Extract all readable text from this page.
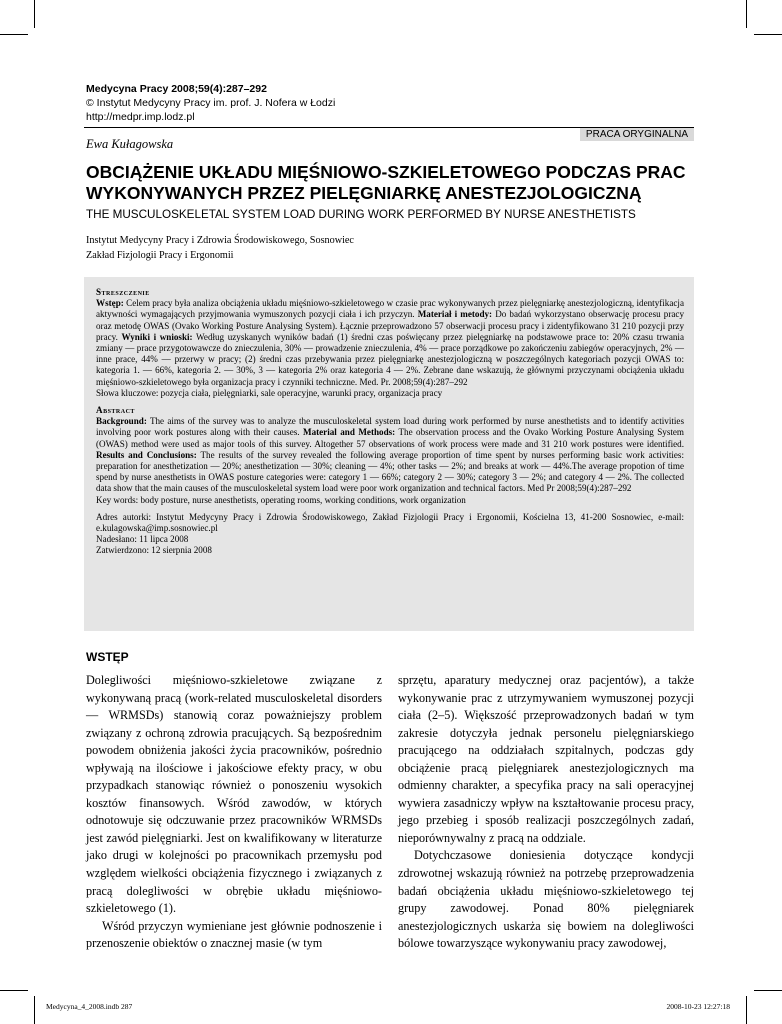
Medycyna Pracy 2008;59(4):287–292
© Instytut Medycyny Pracy im. prof. J. Nofera w Łodzi
http://medpr.imp.lodz.pl
PRACA ORYGINALNA
Ewa Kułagowska
OBCIĄŻENIE UKŁADU MIĘŚNIOWO-SZKIELETOWEGO PODCZAS PRAC WYKONYWANYCH PRZEZ PIELĘGNIARKĘ ANESTEZJOLOGICZNĄ
THE MUSCULOSKELETAL SYSTEM LOAD DURING WORK PERFORMED BY NURSE ANESTHETISTS
Instytut Medycyny Pracy i Zdrowia Środowiskowego, Sosnowiec
Zakład Fizjologii Pracy i Ergonomii
Streszczenie
Wstęp: Celem pracy była analiza obciążenia układu mięśniowo-szkieletowego w czasie prac wykonywanych przez pielęgniarkę anestezjologiczną, identyfikacja aktywności wymagających przyjmowania wymuszonych pozycji ciała i ich przyczyn. Materiał i metody: Do badań wykorzystano obserwację procesu pracy oraz metodę OWAS (Ovako Working Posture Analysing System). Łącznie przeprowadzono 57 obserwacji procesu pracy i zidentyfikowano 31 210 pozycji przy pracy. Wyniki i wnioski: Według uzyskanych wyników badań (1) średni czas poświęcany przez pielęgniarkę na podstawowe prace to: 20% czasu trwania zmiany — prace przygotowawcze do znieczulenia, 30% — prowadzenie znieczulenia, 4% — prace porządkowe po zakończeniu zabiegów operacyjnych, 2% — inne prace, 44% — przerwy w pracy; (2) średni czas przebywania przez pielęgniarkę anestezjologiczną w poszczególnych kategoriach pozycji OWAS to: kategoria 1. — 66%, kategoria 2. — 30%, 3 — kategoria 2% oraz kategoria 4 — 2%. Zebrane dane wskazują, że głównymi przyczynami obciążenia układu mięśniowo-szkieletowego była organizacja pracy i czynniki techniczne. Med. Pr. 2008;59(4):287–292
Słowa kluczowe: pozycja ciała, pielęgniarki, sale operacyjne, warunki pracy, organizacja pracy
Abstract
Background: The aims of the survey was to analyze the musculoskeletal system load during work performed by nurse anesthetists and to identify activities involving poor work postures along with their causes. Material and Methods: The observation process and the Ovako Working Posture Analysing System (OWAS) method were used as major tools of this survey. Altogether 57 observations of work process were made and 31 210 work postures were identified. Results and Conclusions: The results of the survey revealed the following average proportion of time spent by nurses performing basic work activities: preparation for anesthetization — 20%; anesthetization — 30%; cleaning — 4%; other tasks — 2%; and breaks at work — 44%.The average propotion of time spend by nurse anesthetists in OWAS posture categories were: category 1 — 66%; category 2 — 30%; category 3 — 2%; and category 4 — 2%. The collected data show that the main causes of the musculoskeletal system load were poor work organization and technical factors. Med Pr 2008;59(4):287–292
Key words: body posture, nurse anesthetists, operating rooms, working conditions, work organization
Adres autorki: Instytut Medycyny Pracy i Zdrowia Środowiskowego, Zakład Fizjologii Pracy i Ergonomii, Kościelna 13, 41-200 Sosnowiec, e-mail: e.kulagowska@imp.sosnowiec.pl
Nadesłano: 11 lipca 2008
Zatwierdzono: 12 sierpnia 2008
WSTĘP
Dolegliwości mięśniowo-szkieletowe związane z wykonywaną pracą (work-related musculoskeletal disorders — WRMSDs) stanowią coraz poważniejszy problem związany z ochroną zdrowia pracujących. Są bezpośrednim powodem obniżenia jakości życia pracowników, pośrednio wpływają na ilościowe i jakościowe efekty pracy, w obu przypadkach stanowiąc również o ponoszeniu wysokich kosztów finansowych. Wśród zawodów, w których odnotowuje się odczuwanie przez pracowników WRMSDs jest zawód pielęgniarki. Jest on kwalifikowany w literaturze jako drugi w kolejności po pracownikach przemysłu pod względem wielkości obciążenia fizycznego i związanych z pracą dolegliwości w obrębie układu mięśniowo-szkieletowego (1).
Wśród przyczyn wymieniane jest głównie podnoszenie i przenoszenie obiektów o znacznej masie (w tym
sprzętu, aparatury medycznej oraz pacjentów), a także wykonywanie prac z utrzymywaniem wymuszonej pozycji ciała (2–5). Większość przeprowadzonych badań w tym zakresie dotyczyła jednak personelu pielęgniarskiego pracującego na oddziałach szpitalnych, podczas gdy obciążenie pracą pielęgniarek anestezjologicznych ma odmienny charakter, a specyfika pracy na sali operacyjnej wywiera zasadniczy wpływ na kształtowanie procesu pracy, jego przebieg i sposób realizacji poszczególnych zadań, nieporównywalny z pracą na oddziale.
Dotychczasowe doniesienia dotyczące kondycji zdrowotnej wskazują również na potrzebę przeprowadzenia badań obciążenia układu mięśniowo-szkieletowego tej grupy zawodowej. Ponad 80% pielęgniarek anestezjologicznych uskarża się bowiem na dolegliwości bólowe towarzyszące wykonywaniu pracy zawodowej,
Medycyna_4_2008.indb 287	2008-10-23 12:27:18
